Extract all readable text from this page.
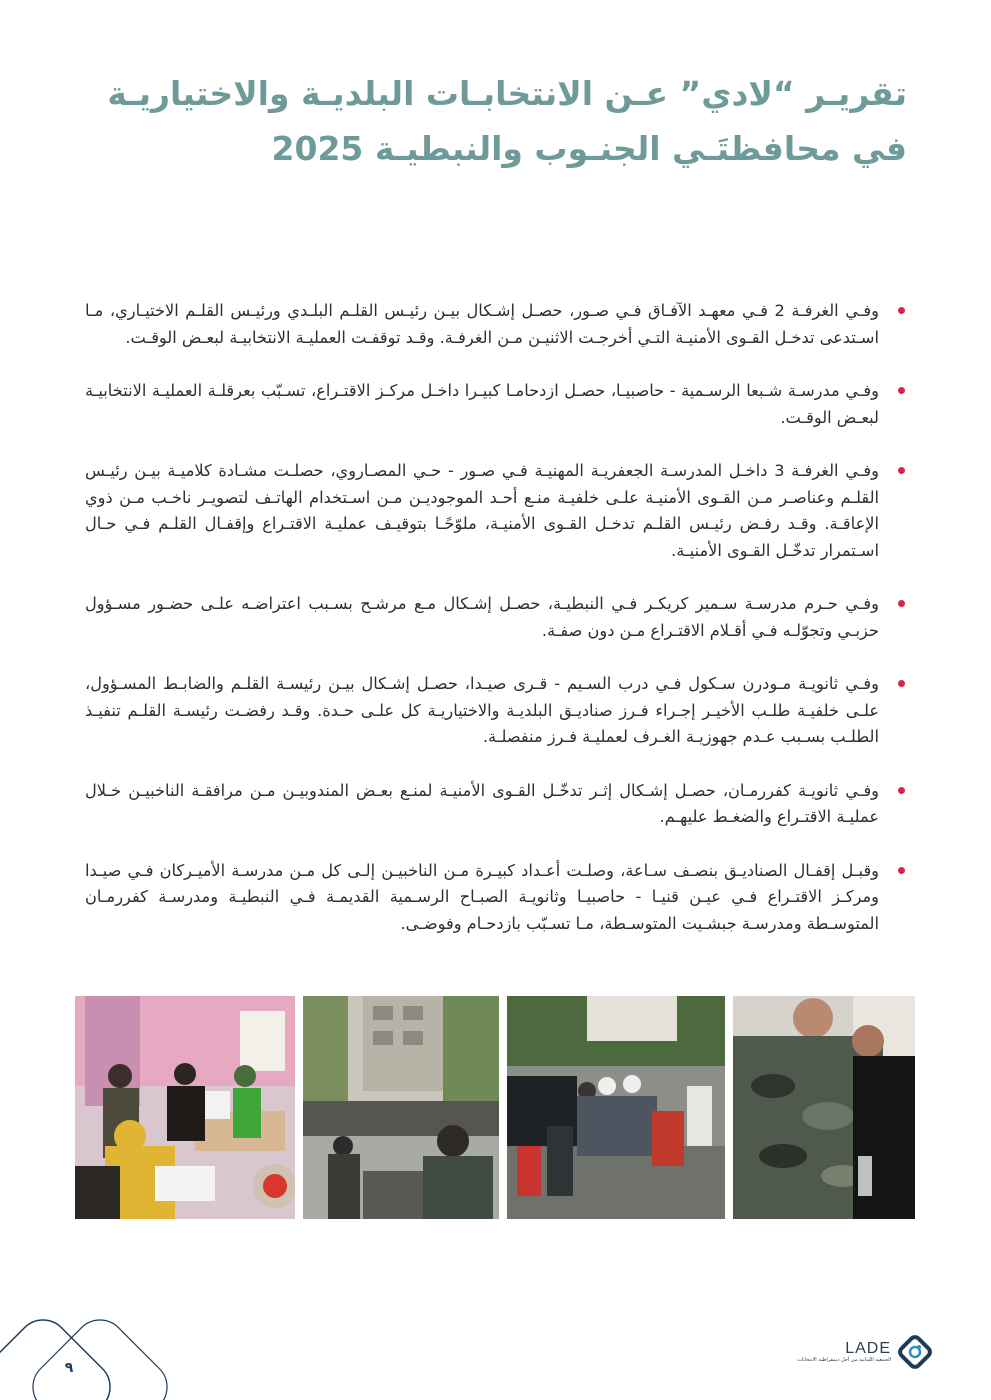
تقريـر “لادي” عـن الانتخابـات البلديـة والاختياريـة
في محافظتَـي الجنـوب والنبطيـة 2025
وفـي الغرفـة 2 فـي معهـد الآفـاق فـي صـور، حصـل إشـكال بيـن رئيـس القلـم البلـدي ورئيـس القلـم الاختيـاري، مـا اسـتدعى تدخـل القـوى الأمنيـة التـي أخرجـت الاثنيـن مـن الغرفـة. وقـد توقفـت العمليـة الانتخابيـة لبعـض الوقـت.
وفـي مدرسـة شـبعا الرسـمية - حاصبيـا، حصـل ازدحامـا كبيـرا داخـل مركـز الاقتـراع، تسـبّب بعرقلـة العمليـة الانتخابيـة لبعـض الوقـت.
وفـي الغرفـة 3 داخـل المدرسـة الجعفريـة المهنيـة فـي صـور - حـي المصـاروي، حصلـت مشـادة كلاميـة بيـن رئيـس القلـم وعناصـر مـن القـوى الأمنيـة علـى خلفيـة منـع أحـد الموجوديـن مـن اسـتخدام الهاتـف لتصويـر ناخـب مـن ذوي الإعاقـة. وقـد رفـض رئيـس القلـم تدخـل القـوى الأمنيـة، ملوّحًـا بتوقيـف عمليـة الاقتـراع وإقفـال القلـم فـي حـال اسـتمرار تدخّـل القـوى الأمنيـة.
وفـي حـرم مدرسـة سـمير كريكـر فـي النبطيـة، حصـل إشـكال مـع مرشـح بسـبب اعتراضـه علـى حضـور مسـؤول حزبـي وتجوّلـه فـي أقـلام الاقتـراع مـن دون صفـة.
وفـي ثانويـة مـودرن سـكول فـي درب السـيم - قـرى صيـدا، حصـل إشـكال بيـن رئيسـة القلـم والضابـط المسـؤول، علـى خلفيـة طلـب الأخيـر إجـراء فـرز صناديـق البلديـة والاختياريـة كل علـى حـدة. وقـد رفضـت رئيسـة القلـم تنفيـذ الطلـب بسـبب عـدم جهوزيـة الغـرف لعمليـة فـرز منفصلـة.
وفـي ثانويـة كفررمـان، حصـل إشـكال إثـر تدخّـل القـوى الأمنيـة لمنـع بعـض المندوبيـن مـن مرافقـة الناخبيـن خـلال عمليـة الاقتـراع والضغـط عليهـم.
وقبـل إقفـال الصناديـق بنصـف سـاعة، وصلـت أعـداد كبيـرة مـن الناخبيـن إلـى كل مـن مدرسـة الأميـركان فـي صيـدا ومركـز الاقتـراع فـي عيـن قنيـا - حاصبيـا وثانويـة الصبـاح الرسـمية القديمـة فـي النبطيـة ومدرسـة كفررمـان المتوسـطة ومدرسـة جبشـيت المتوسـطة، مـا تسـبّب بازدحـام وفوضـى.
٩
LADE
الجمعية اللبنانية من أجل ديمقراطية الانتخابات
